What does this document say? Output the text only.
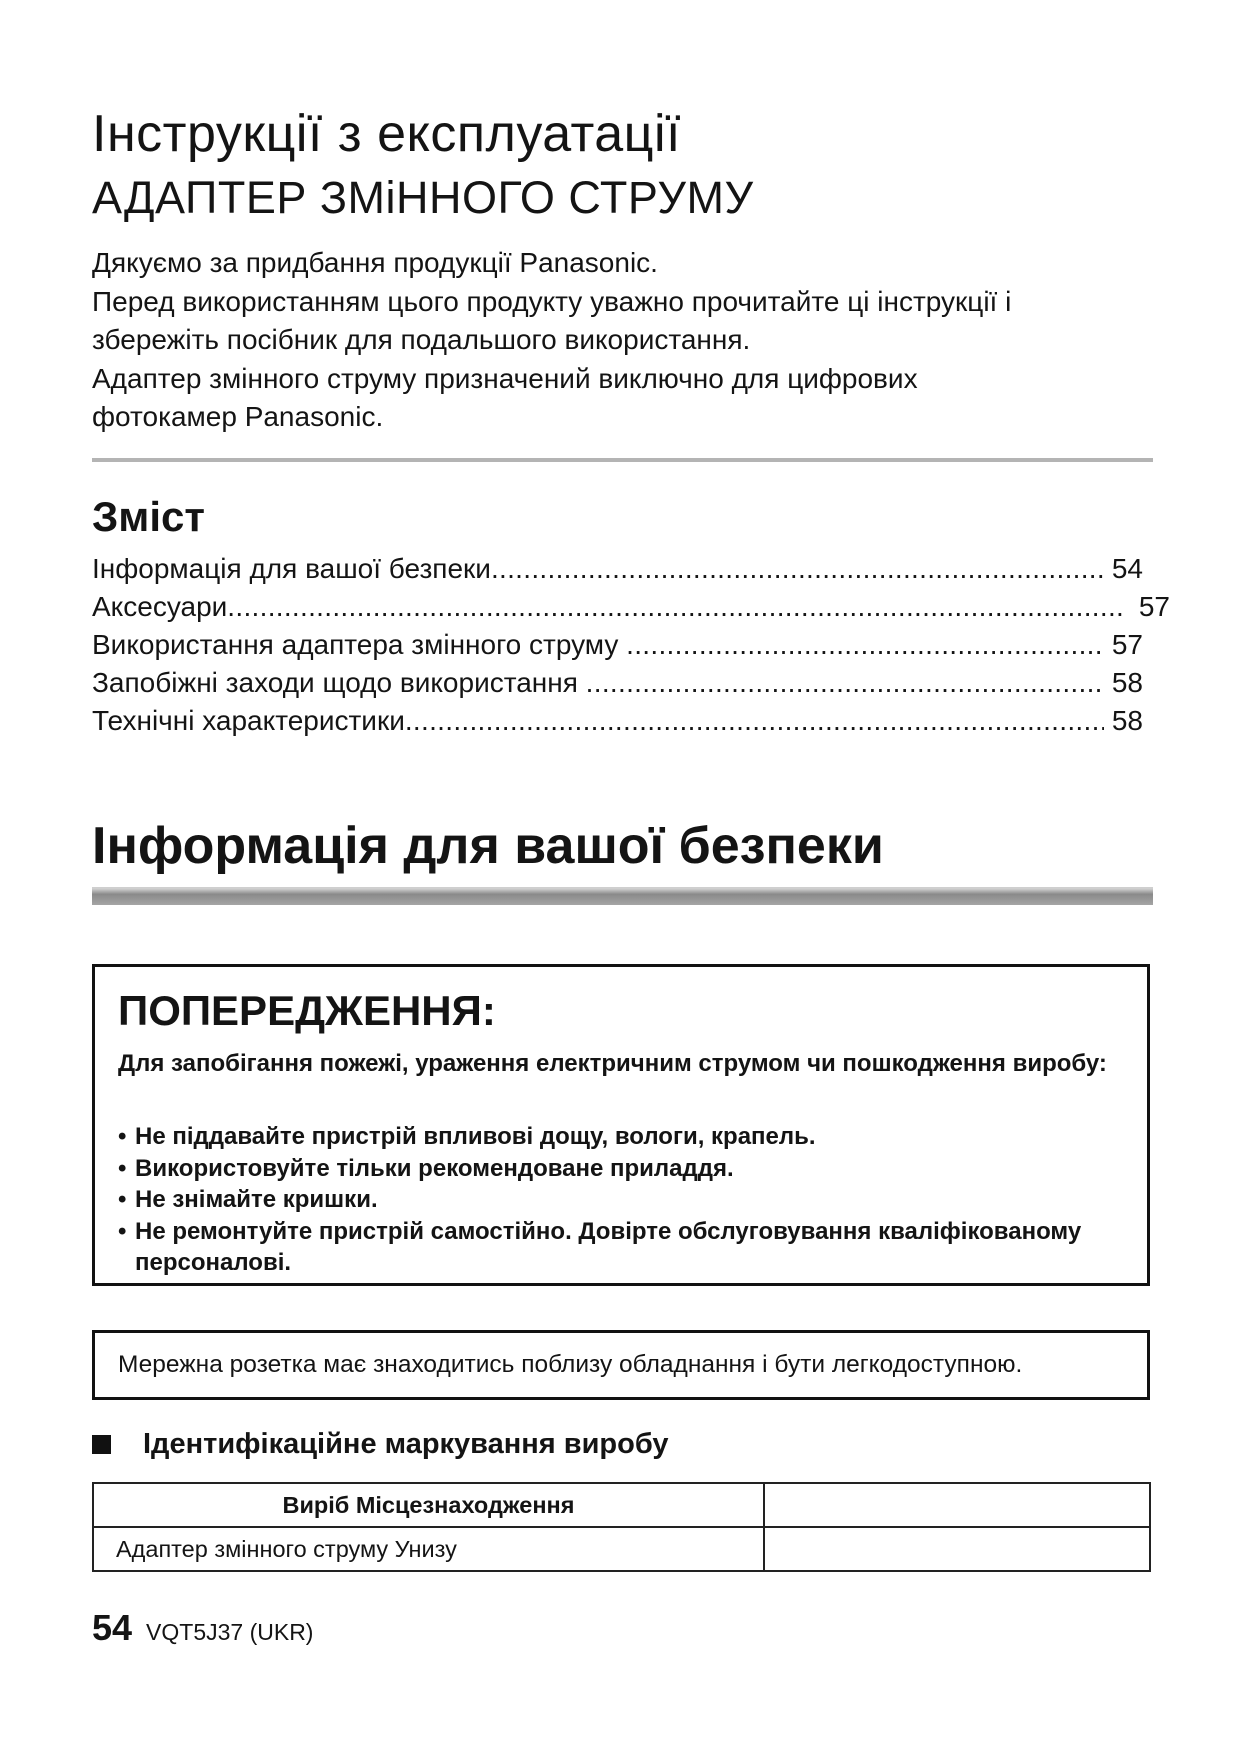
Інструкції з експлуатації
АДАПТЕР ЗМіННОГО СТРУМУ
Дякуємо за придбання продукції Panasonic.
Перед використанням цього продукту уважно прочитайте ці інструкції і
збережіть посібник для подальшого використання.
Адаптер змінного струму призначений виключно для цифрових
фотокамер Panasonic.
Зміст
Інформація для вашої безпеки .....	54
Аксесуари .....	57
Використання адаптера змінного струму .....	57
Запобіжні заходи щодо використання .....	58
Технічні характеристики .....	58
Інформація для вашої безпеки
ПОПЕРЕДЖЕННЯ:
Для запобігання пожежі, ураження електричним струмом чи пошкодження виробу:
• Не піддавайте пристрій впливові дощу, вологи, крапель.
• Використовуйте тільки рекомендоване приладдя.
• Не знімайте кришки.
• Не ремонтуйте пристрій самостійно. Довірте обслуговування кваліфікованому персоналові.
Мережна розетка має знаходитись поблизу обладнання і бути легкодоступною.
Ідентифікаційне маркування виробу
Виріб Місцезнаходження	
Адаптер змінного струму Унизу	
54 VQT5J37 (UKR)
